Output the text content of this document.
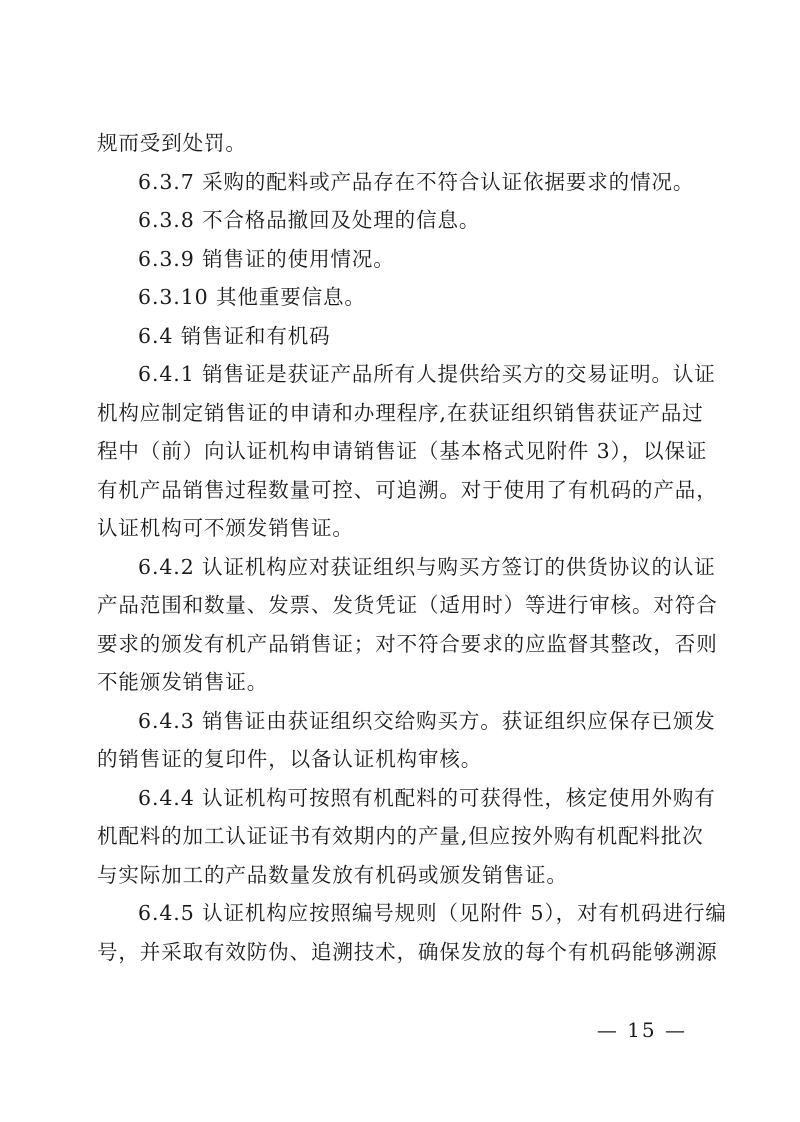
规而受到处罚。
6.3.7 采购的配料或产品存在不符合认证依据要求的情况。
6.3.8 不合格品撤回及处理的信息。
6.3.9 销售证的使用情况。
6.3.10 其他重要信息。
6.4 销售证和有机码
6.4.1 销售证是获证产品所有人提供给买方的交易证明。认证
机构应制定销售证的申请和办理程序,在获证组织销售获证产品过
程中（前）向认证机构申请销售证（基本格式见附件 3），以保证
有机产品销售过程数量可控、可追溯。对于使用了有机码的产品，
认证机构可不颁发销售证。
6.4.2 认证机构应对获证组织与购买方签订的供货协议的认证
产品范围和数量、发票、发货凭证（适用时）等进行审核。对符合
要求的颁发有机产品销售证；对不符合要求的应监督其整改，否则
不能颁发销售证。
6.4.3 销售证由获证组织交给购买方。获证组织应保存已颁发
的销售证的复印件，以备认证机构审核。
6.4.4 认证机构可按照有机配料的可获得性，核定使用外购有
机配料的加工认证证书有效期内的产量,但应按外购有机配料批次
与实际加工的产品数量发放有机码或颁发销售证。
6.4.5 认证机构应按照编号规则（见附件 5），对有机码进行编
号，并采取有效防伪、追溯技术，确保发放的每个有机码能够溯源
— 15 —
